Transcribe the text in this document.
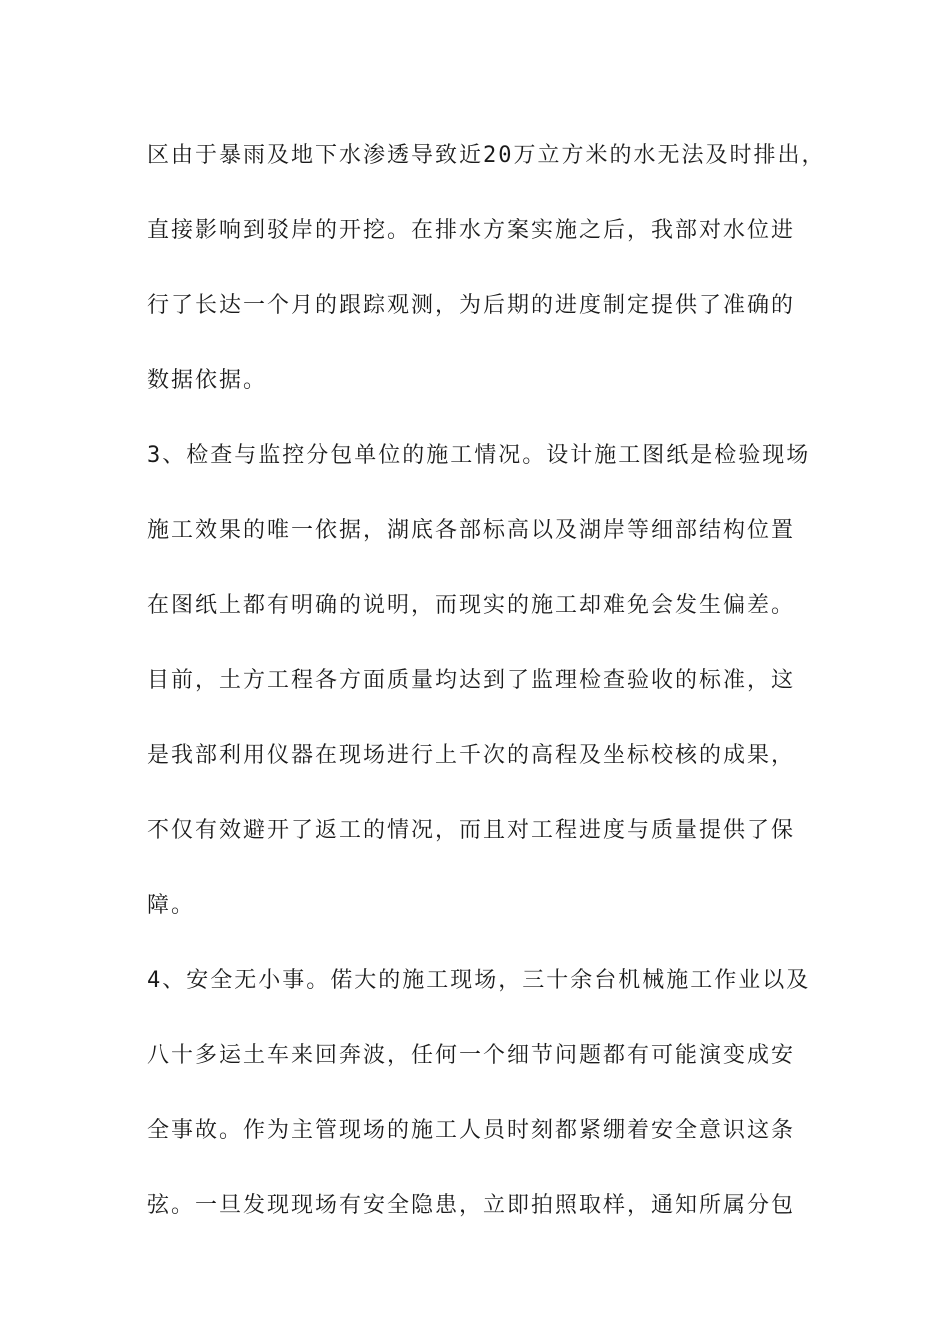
区由于暴雨及地下水渗透导致近20万立方米的水无法及时排出，
直接影响到驳岸的开挖。在排水方案实施之后，我部对水位进
行了长达一个月的跟踪观测，为后期的进度制定提供了准确的
数据依据。
3、检查与监控分包单位的施工情况。设计施工图纸是检验现场
施工效果的唯一依据，湖底各部标高以及湖岸等细部结构位置
在图纸上都有明确的说明，而现实的施工却难免会发生偏差。
目前，土方工程各方面质量均达到了监理检查验收的标准，这
是我部利用仪器在现场进行上千次的高程及坐标校核的成果，
不仅有效避开了返工的情况，而且对工程进度与质量提供了保
障。
4、安全无小事。偌大的施工现场，三十余台机械施工作业以及
八十多运土车来回奔波，任何一个细节问题都有可能演变成安
全事故。作为主管现场的施工人员时刻都紧绷着安全意识这条
弦。一旦发现现场有安全隐患，立即拍照取样，通知所属分包
